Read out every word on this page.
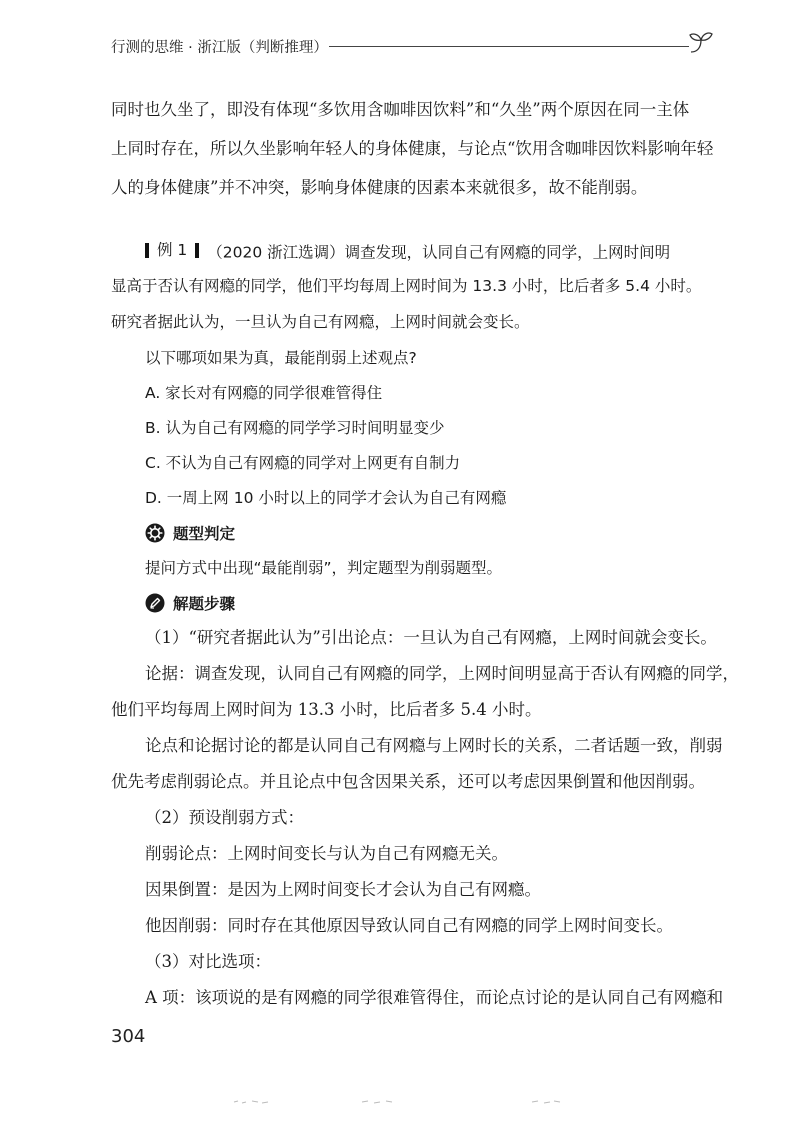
行测的思维 · 浙江版（判断推理）
同时也久坐了，即没有体现“多饮用含咖啡因饮料”和“久坐”两个原因在同一主体
上同时存在，所以久坐影响年轻人的身体健康，与论点“饮用含咖啡因饮料影响年轻
人的身体健康”并不冲突，影响身体健康的因素本来就很多，故不能削弱。
例 1 （2020 浙江选调）调查发现，认同自己有网瘾的同学，上网时间明
显高于否认有网瘾的同学，他们平均每周上网时间为 13.3 小时，比后者多 5.4 小时。
研究者据此认为，一旦认为自己有网瘾，上网时间就会变长。
以下哪项如果为真，最能削弱上述观点?
A. 家长对有网瘾的同学很难管得住
B. 认为自己有网瘾的同学学习时间明显变少
C. 不认为自己有网瘾的同学对上网更有自制力
D. 一周上网 10 小时以上的同学才会认为自己有网瘾
题型判定
提问方式中出现“最能削弱”，判定题型为削弱题型。
解题步骤
（1）“研究者据此认为”引出论点：一旦认为自己有网瘾，上网时间就会变长。
论据：调查发现，认同自己有网瘾的同学，上网时间明显高于否认有网瘾的同学，
他们平均每周上网时间为 13.3 小时，比后者多 5.4 小时。
论点和论据讨论的都是认同自己有网瘾与上网时长的关系，二者话题一致，削弱
优先考虑削弱论点。并且论点中包含因果关系，还可以考虑因果倒置和他因削弱。
（2）预设削弱方式：
削弱论点：上网时间变长与认为自己有网瘾无关。
因果倒置：是因为上网时间变长才会认为自己有网瘾。
他因削弱：同时存在其他原因导致认同自己有网瘾的同学上网时间变长。
（3）对比选项：
A 项：该项说的是有网瘾的同学很难管得住，而论点讨论的是认同自己有网瘾和
304
